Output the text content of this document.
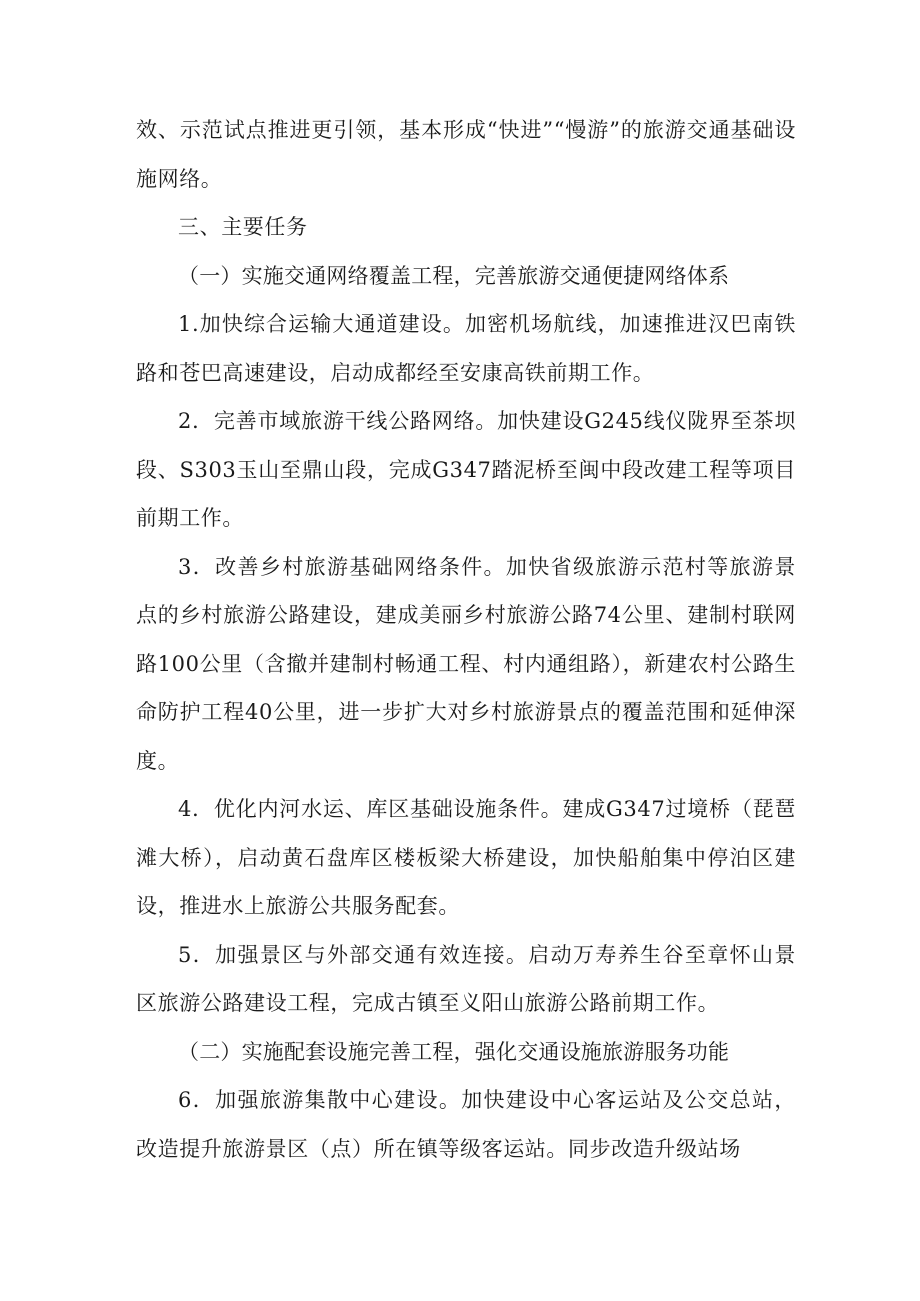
效、示范试点推进更引领，基本形成“快进”“慢游”的旅游交通基础设施网络。

三、主要任务

（一）实施交通网络覆盖工程，完善旅游交通便捷网络体系

1.加快综合运输大通道建设。加密机场航线，加速推进汉巴南铁路和苍巴高速建设，启动成都经至安康高铁前期工作。

2．完善市域旅游干线公路网络。加快建设G245线仪陇界至茶坝段、S303玉山至鼎山段，完成G347踏泥桥至闽中段改建工程等项目前期工作。

3．改善乡村旅游基础网络条件。加快省级旅游示范村等旅游景点的乡村旅游公路建设，建成美丽乡村旅游公路74公里、建制村联网路100公里（含撤并建制村畅通工程、村内通组路），新建农村公路生命防护工程40公里，进一步扩大对乡村旅游景点的覆盖范围和延伸深度。

4．优化内河水运、库区基础设施条件。建成G347过境桥（琵琶滩大桥），启动黄石盘库区楼板梁大桥建设，加快船舶集中停泊区建设，推进水上旅游公共服务配套。

5．加强景区与外部交通有效连接。启动万寿养生谷至章怀山景区旅游公路建设工程，完成古镇至义阳山旅游公路前期工作。

（二）实施配套设施完善工程，强化交通设施旅游服务功能

6．加强旅游集散中心建设。加快建设中心客运站及公交总站，改造提升旅游景区（点）所在镇等级客运站。同步改造升级站场
